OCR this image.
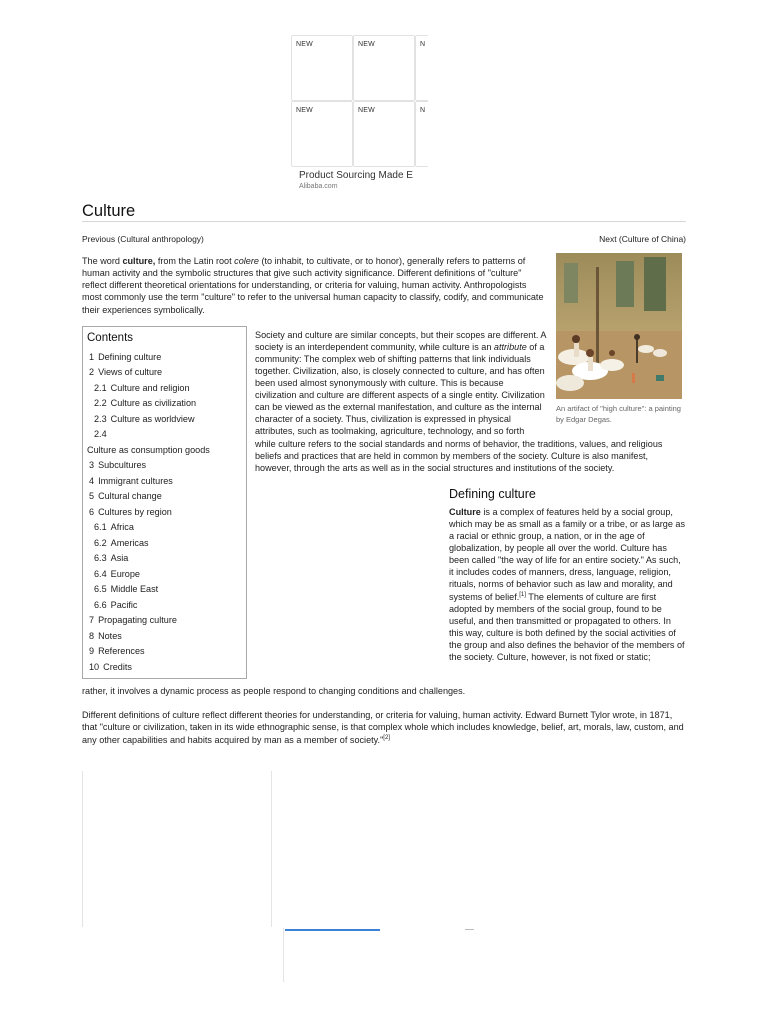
NEW	NEW	N
NEW	NEW	N
Product Sourcing Made E
Alibaba.com
Culture
Previous (Cultural anthropology)	Next (Culture of China)
An artifact of "high culture": a painting by Edgar Degas.

The word culture, from the Latin root colere (to inhabit, to cultivate, or to honor), generally refers to patterns of human activity and the symbolic structures that give such activity significance. Different definitions of "culture" reflect different theoretical orientations for understanding, or criteria for valuing, human activity. Anthropologists most commonly use the term "culture" to refer to the universal human capacity to classify, codify, and communicate their experiences symbolically.

Contents
1 Defining culture
2 Views of culture
2.1 Culture and religion
2.2 Culture as civilization
2.3 Culture as worldview
2.4
Culture as consumption goods
3 Subcultures
4 Immigrant cultures
5 Cultural change
6 Cultures by region
6.1 Africa
6.2 Americas
6.3 Asia
6.4 Europe
6.5 Middle East
6.6 Pacific
7 Propagating culture
8 Notes
9 References
10 Credits

Society and culture are similar concepts, but their scopes are different. A society is an interdependent community, while culture is an attribute of a community: The complex web of shifting patterns that link individuals together. Civilization, also, is closely connected to culture, and has often been used almost synonymously with culture. This is because civilization and culture are different aspects of a single entity. Civilization can be viewed as the external manifestation, and culture as the internal character of a society. Thus, civilization is expressed in physical attributes, such as toolmaking, agriculture, technology, and so forth while culture refers to the social standards and norms of behavior, the traditions, values, and religious beliefs and practices that are held in common by members of the society. Culture is also manifest, however, through the arts as well as in the social structures and institutions of the society.

Defining culture

Culture is a complex of features held by a social group, which may be as small as a family or a tribe, or as large as a racial or ethnic group, a nation, or in the age of globalization, by people all over the world. Culture has been called "the way of life for an entire society." As such, it includes codes of manners, dress, language, religion, rituals, norms of behavior such as law and morality, and systems of belief.[1] The elements of culture are first adopted by members of the social group, found to be useful, and then transmitted or propagated to others. In this way, culture is both defined by the social activities of the group and also defines the behavior of the members of the society. Culture, however, is not fixed or static;

rather, it involves a dynamic process as people respond to changing conditions and challenges.

Different definitions of culture reflect different theories for understanding, or criteria for valuing, human activity. Edward Burnett Tylor wrote, in 1871, that "culture or civilization, taken in its wide ethnographic sense, is that complex whole which includes knowledge, belief, art, morals, law, custom, and any other capabilities and habits acquired by man as a member of society."[2]
